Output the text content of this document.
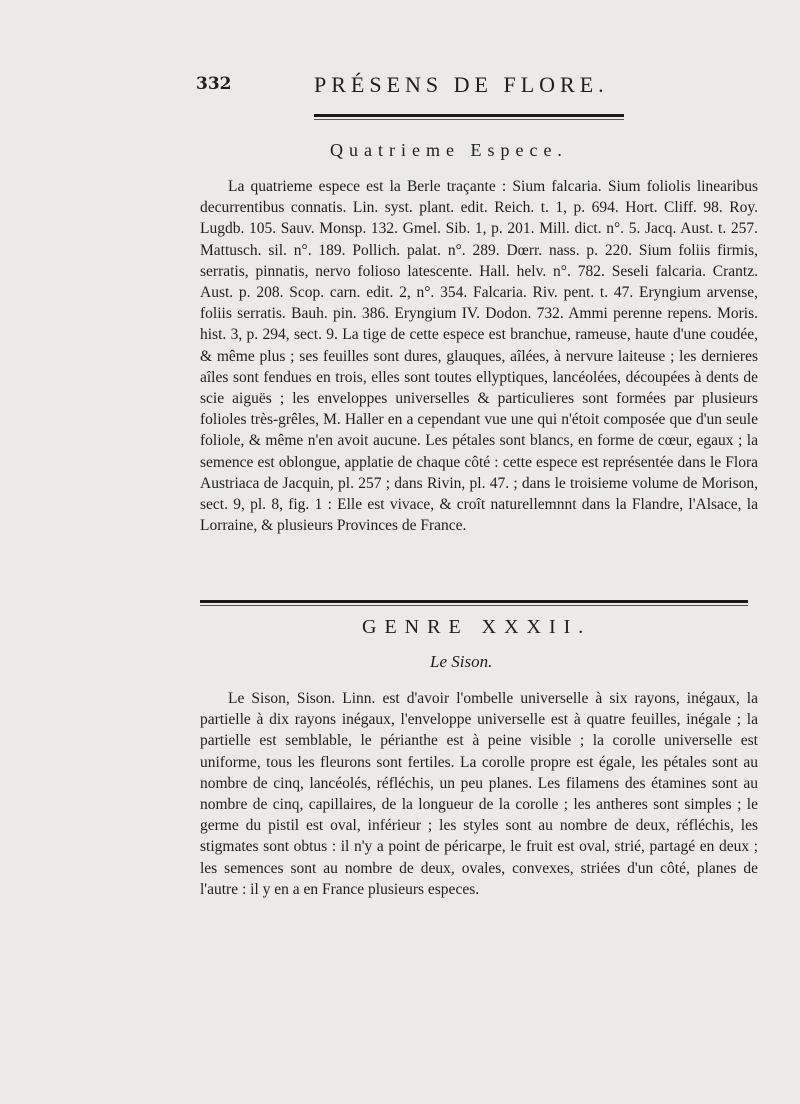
332	PRÉSENS DE FLORE.
Quatrieme Espece.

La quatrieme espece est la Berle traçante : Sium falcaria. Sium foliolis linearibus decurrentibus connatis. Lin. syst. plant. edit. Reich. t. 1, p. 694. Hort. Cliff. 98. Roy. Lugdb. 105. Sauv. Monsp. 132. Gmel. Sib. 1, p. 201. Mill. dict. n°. 5. Jacq. Aust. t. 257. Mattusch. sil. n°. 189. Pollich. palat. n°. 289. Dœrr. nass. p. 220. Sium foliis firmis, serratis, pinnatis, nervo folioso latescente. Hall. helv. n°. 782. Seseli falcaria. Crantz. Aust. p. 208. Scop. carn. edit. 2, n°. 354. Falcaria. Riv. pent. t. 47. Eryngium arvense, foliis serratis. Bauh. pin. 386. Eryngium IV. Dodon. 732. Ammi perenne repens. Moris. hist. 3, p. 294, sect. 9. La tige de cette espece est branchue, rameuse, haute d'une coudée, & même plus ; ses feuilles sont dures, glauques, aîlées, à nervure laiteuse ; les dernieres aîles sont fendues en trois, elles sont toutes ellyptiques, lancéolées, découpées à dents de scie aiguës ; les enveloppes universelles & particulieres sont formées par plusieurs folioles très-grêles, M. Haller en a cependant vue une qui n'étoit composée que d'un seule foliole, & même n'en avoit aucune. Les pétales sont blancs, en forme de cœur, egaux ; la semence est oblongue, applatie de chaque côté : cette espece est représentée dans le Flora Austriaca de Jacquin, pl. 257 ; dans Rivin, pl. 47. ; dans le troisieme volume de Morison, sect. 9, pl. 8, fig. 1 : Elle est vivace, & croît naturellemnnt dans la Flandre, l'Alsace, la Lorraine, & plusieurs Provinces de France.

GENRE XXXII.
Le Sison.

Le Sison, Sison. Linn. est d'avoir l'ombelle universelle à six rayons, inégaux, la partielle à dix rayons inégaux, l'enveloppe universelle est à quatre feuilles, inégale ; la partielle est semblable, le périanthe est à peine visible ; la corolle universelle est uniforme, tous les fleurons sont fertiles. La corolle propre est égale, les pétales sont au nombre de cinq, lancéolés, réfléchis, un peu planes. Les filamens des étamines sont au nombre de cinq, capillaires, de la longueur de la corolle ; les antheres sont simples ; le germe du pistil est oval, inférieur ; les styles sont au nombre de deux, réfléchis, les stigmates sont obtus : il n'y a point de péricarpe, le fruit est oval, strié, partagé en deux ; les semences sont au nombre de deux, ovales, convexes, striées d'un côté, planes de l'autre : il y en a en France plusieurs especes.
